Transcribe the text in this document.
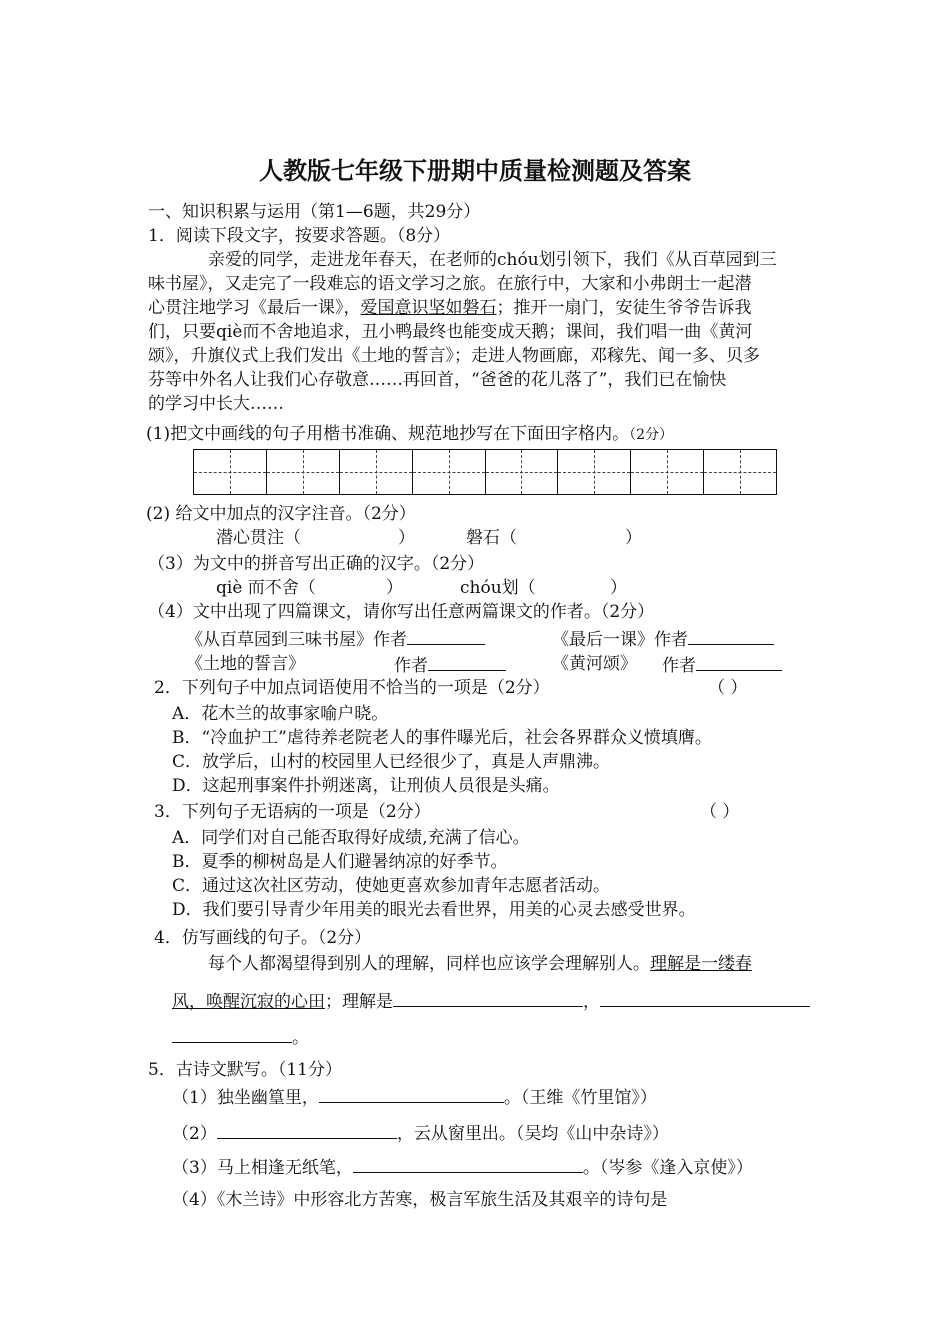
人教版七年级下册期中质量检测题及答案
一、知识积累与运用（第1—6题，共29分）
1．阅读下段文字，按要求答题。（8分）
亲爱的同学，走进龙年春天，在老师的chóu划引领下，我们《从百草园到三
味书屋》，又走完了一段难忘的语文学习之旅。在旅行中，大家和小弗朗士一起潜
心贯注地学习《最后一课》，爱国意识坚如磐石；推开一扇门，安徒生爷爷告诉我
们，只要qiè而不舍地追求，丑小鸭最终也能变成天鹅；课间，我们唱一曲《黄河
颂》，升旗仪式上我们发出《土地的誓言》；走进人物画廊，邓稼先、闻一多、贝多
芬等中外名人让我们心存敬意……再回首，“爸爸的花儿落了”，我们已在愉快
的学习中长大……
(1)把文中画线的句子用楷书准确、规范地抄写在下面田字格内。（2分）
(2) 给文中加点的汉字注音。（2分）
潜心贯注（	）	磐石（	）
（3）为文中的拼音写出正确的汉字。（2分）
qiè 而不舍（	）	chóu划（	）
（4）文中出现了四篇课文，请你写出任意两篇课文的作者。（2分）
《从百草园到三味书屋》作者	《最后一课》作者
《土地的誓言》	作者	《黄河颂》 作者
2．下列句子中加点词语使用不恰当的一项是（2分）	（ ）
A．花木兰的故事家喻户晓。
B．“冷血护工”虐待养老院老人的事件曝光后，社会各界群众义愤填膺。
C．放学后，山村的校园里人已经很少了，真是人声鼎沸。
D．这起刑事案件扑朔迷离，让刑侦人员很是头痛。
3．下列句子无语病的一项是（2分）	（ ）
A．同学们对自己能否取得好成绩,充满了信心。
B．夏季的柳树岛是人们避暑纳凉的好季节。
C．通过这次社区劳动，使她更喜欢参加青年志愿者活动。
D．我们要引导青少年用美的眼光去看世界，用美的心灵去感受世界。
4．仿写画线的句子。（2分）
每个人都渴望得到别人的理解，同样也应该学会理解别人。理解是一缕春
风，唤醒沉寂的心田；理解是	，
。
5．古诗文默写。（11分）
（1）独坐幽篁里，	。（王维《竹里馆》）
（2）	，云从窗里出。（吴均《山中杂诗》）
（3）马上相逢无纸笔，	。（岑参《逢入京使》）
（4）《木兰诗》中形容北方苦寒，极言军旅生活及其艰辛的诗句是
